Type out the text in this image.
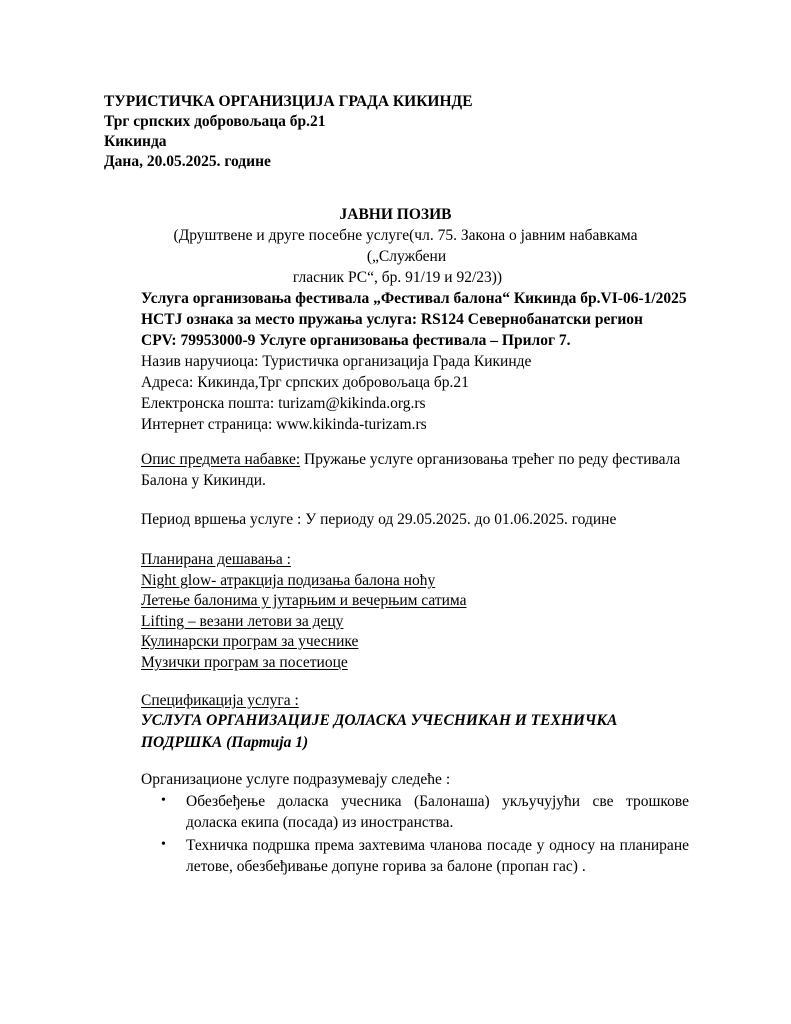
ТУРИСТИЧКА ОРГАНИЗЦИЈА ГРАДА КИКИНДЕ
Трг српских добровољаца бр.21
Кикинда
Дана, 20.05.2025. године
ЈАВНИ ПОЗИВ
(Друштвене и друге посебне услуге(чл. 75. Закона о јавним набавкама
(„Службени
гласник РС“, бр. 91/19 и 92/23))
Услуга организовања фестивала „Фестивал балона“ Кикинда бр.VI-06-1/2025
НСТЈ ознака за место пружања услуга: RS124 Севернобанатски регион
CPV: 79953000-9 Услуге организовања фестивала – Прилог 7.
Назив наручиоца: Туристичка организација Града Кикинде
Адреса: Кикинда,Трг српских добровољаца бр.21
Електронска пошта: turizam@kikinda.org.rs
Интернет страница: www.kikinda-turizam.rs
Опис предмета набавке: Пружање услуге организовања трећег по реду фестивала
Балона у Кикинди.
Период вршења услуге : У периоду од 29.05.2025. до 01.06.2025. године
Планирана дешавања :
Night glow- атракција подизања балона ноћу
Летење балонима у јутарњим и вечерњим сатима
Lifting – везани летови за децу
Кулинарски програм за учеснике
Музички програм за посетиоце
Спецификација услуга :
УСЛУГА ОРГАНИЗАЦИЈЕ ДОЛАСКА УЧЕСНИКАН И ТЕХНИЧКА
ПОДРШКА (Партија 1)
Организационе услуге подразумевају следеће :
•	Обезбеђење доласка учесника (Балонаша) укључујући све трошкове
доласка екипа (посада) из иностранства.
•	Техничка подршка према захтевима чланова посаде у односу на планиране
летове, обезбеђивање допуне горива за балоне (пропан гас) .
